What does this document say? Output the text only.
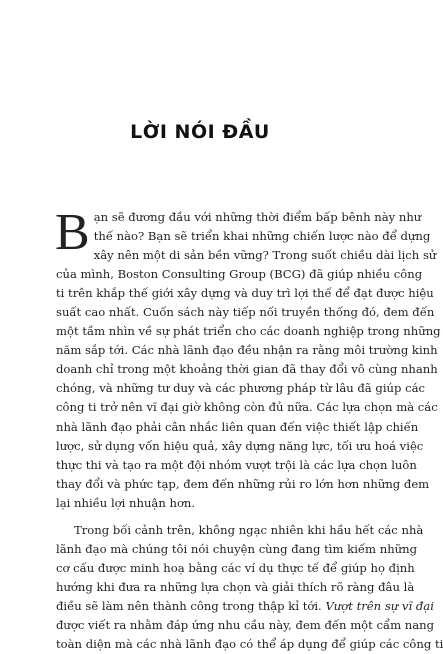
LỜI NÓI ĐẦU
B ạn sẽ đương đầu với những thời điểm bấp bênh này như
thế nào? Bạn sẽ triển khai những chiến lược nào để dựng
xây nên một di sản bền vững? Trong suốt chiều dài lịch sử
của mình, Boston Consulting Group (BCG) đã giúp nhiều công
ti trên khắp thế giới xây dựng và duy trì lợi thế để đạt được hiệu
suất cao nhất. Cuốn sách này tiếp nối truyền thống đó, đem đến
một tầm nhìn về sự phát triển cho các doanh nghiệp trong những
năm sắp tới. Các nhà lãnh đạo đều nhận ra rằng môi trường kinh
doanh chỉ trong một khoảng thời gian đã thay đổi vô cùng nhanh
chóng, và những tư duy và các phương pháp từ lâu đã giúp các
công ti trở nên vĩ đại giờ không còn đủ nữa. Các lựa chọn mà các
nhà lãnh đạo phải cân nhắc liên quan đến việc thiết lập chiến
lược, sử dụng vốn hiệu quả, xây dựng năng lực, tối ưu hoá việc
thực thi và tạo ra một đội nhóm vượt trội là các lựa chọn luôn
thay đổi và phức tạp, đem đến những rủi ro lớn hơn những đem
lại nhiều lợi nhuận hơn.
Trong bối cảnh trên, không ngạc nhiên khi hầu hết các nhà
lãnh đạo mà chúng tôi nói chuyện cùng đang tìm kiếm những
cơ cấu được minh hoạ bằng các ví dụ thực tế để giúp họ định
hướng khi đưa ra những lựa chọn và giải thích rõ ràng đâu là
điều sẽ làm nên thành công trong thập kỉ tới. Vượt trên sự vĩ đại
được viết ra nhằm đáp ứng nhu cầu này, đem đến một cẩm nang
toàn diện mà các nhà lãnh đạo có thể áp dụng để giúp các công ti
